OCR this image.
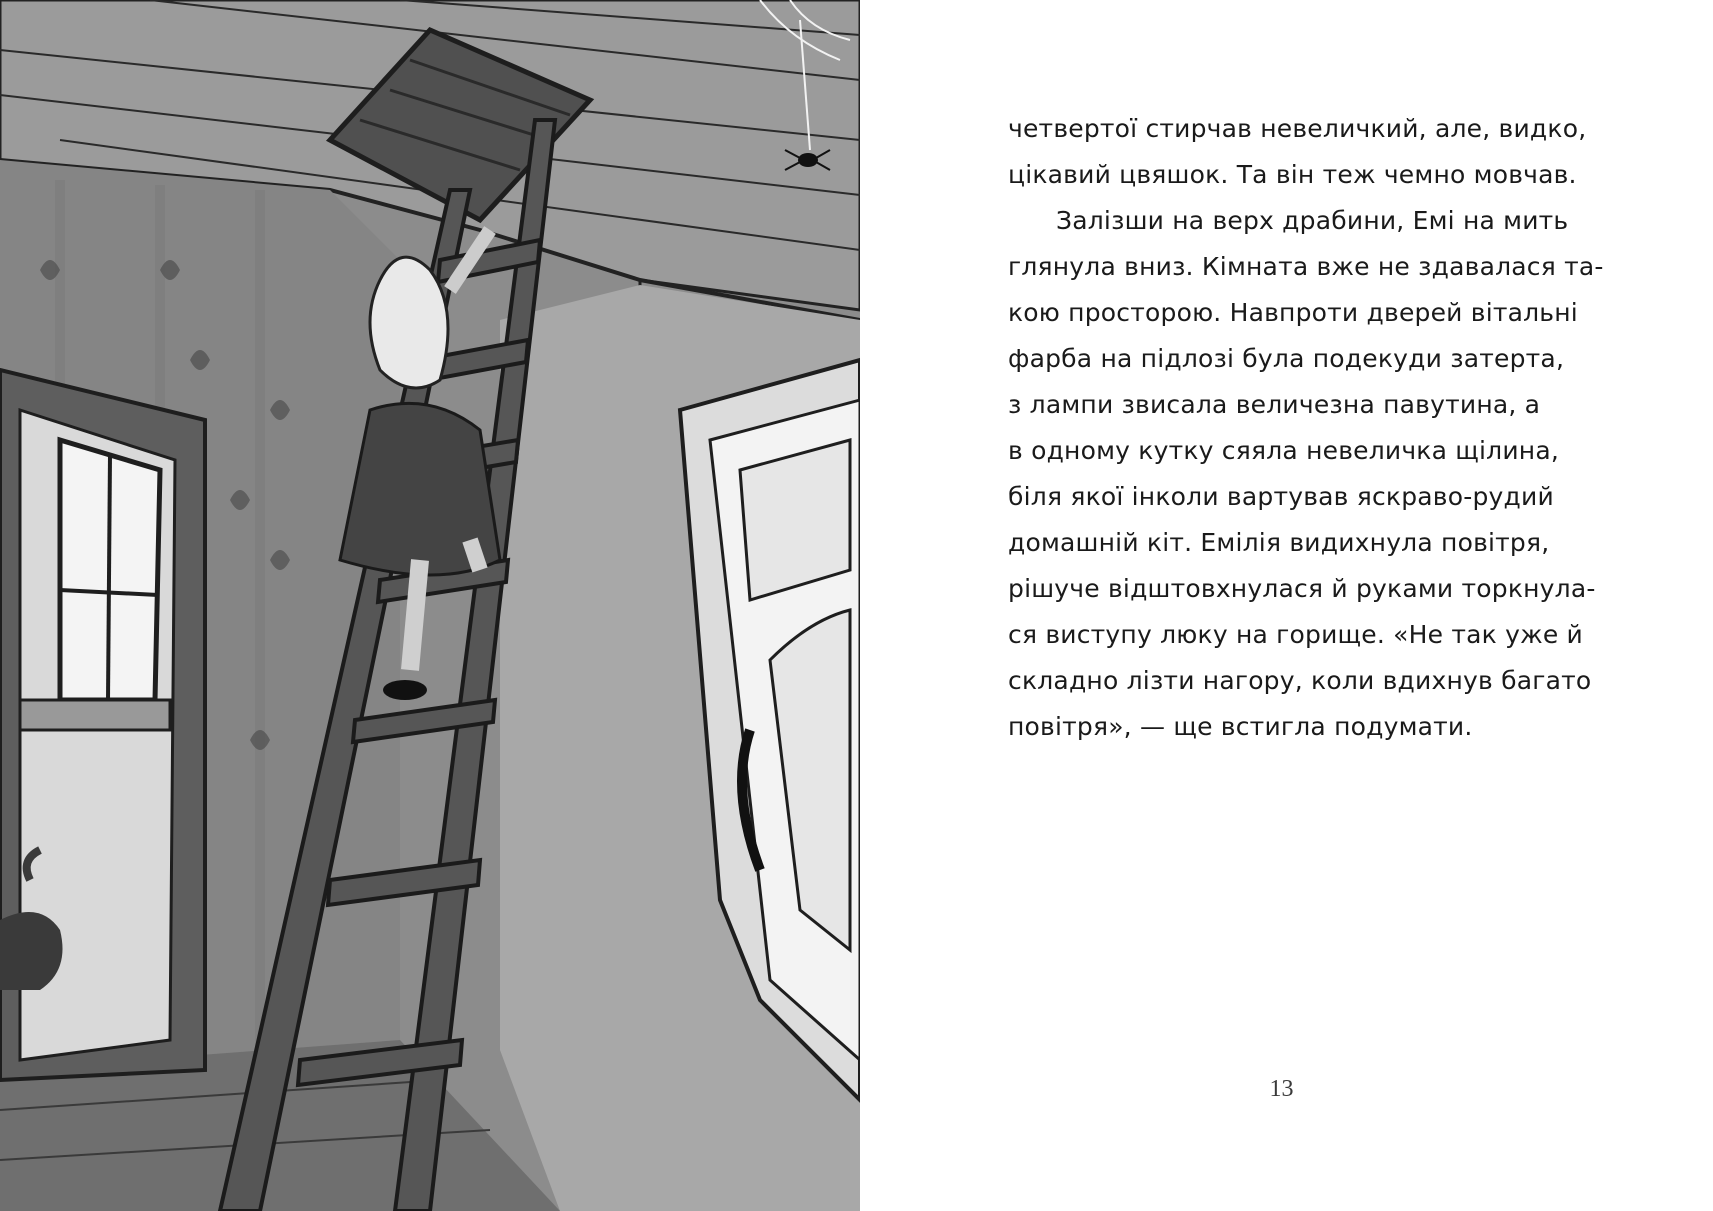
четвертої стирчав невеличкий, але, видко,
цікавий цвяшок. Та він теж чемно мовчав.

Залізши на верх драбини, Емі на мить
глянула вниз. Кімната вже не здавалася та-
кою просторою. Навпроти дверей вітальні
фарба на підлозі була подекуди затерта,
з лампи звисала величезна павутина, а
в одному кутку сяяла невеличка щілина,
біля якої інколи вартував яскраво-рудий
домашній кіт. Емілія видихнула повітря,
рішуче відштовхнулася й руками торкнула-
ся виступу люку на горище. «Не так уже й
складно лізти нагору, коли вдихнув багато
повітря», — ще встигла подумати.

13
